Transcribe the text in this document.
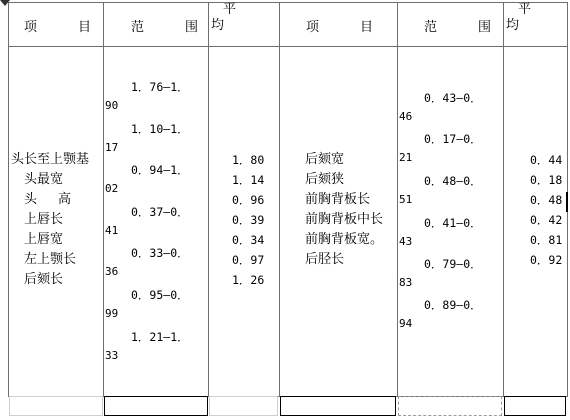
项　目 范　围
平均	项　目	范　围
平均
头长至上颚基
头最宽
头　高
上唇长
上唇宽
左上颚长
后颏长
1．76—1．
90
1．10—1．
17
0．94—1．
02
0．37—0．
41
0．33—0．
36
0．95—0．
99
1．21—1．
33
1．80
1．14
0．96
0．39
0．34
0．97
1．26
后颏宽
后颏狭
前胸背板长
前胸背板中长
前胸背板宽。
后胫长
0．43—0．
46
0．17—0．
21
0．48—0．
51
0．41—0．
43
0．79—0．
83
0．89—0．
94
0．44
0．18
0．48
0．42
0．81
0．92
